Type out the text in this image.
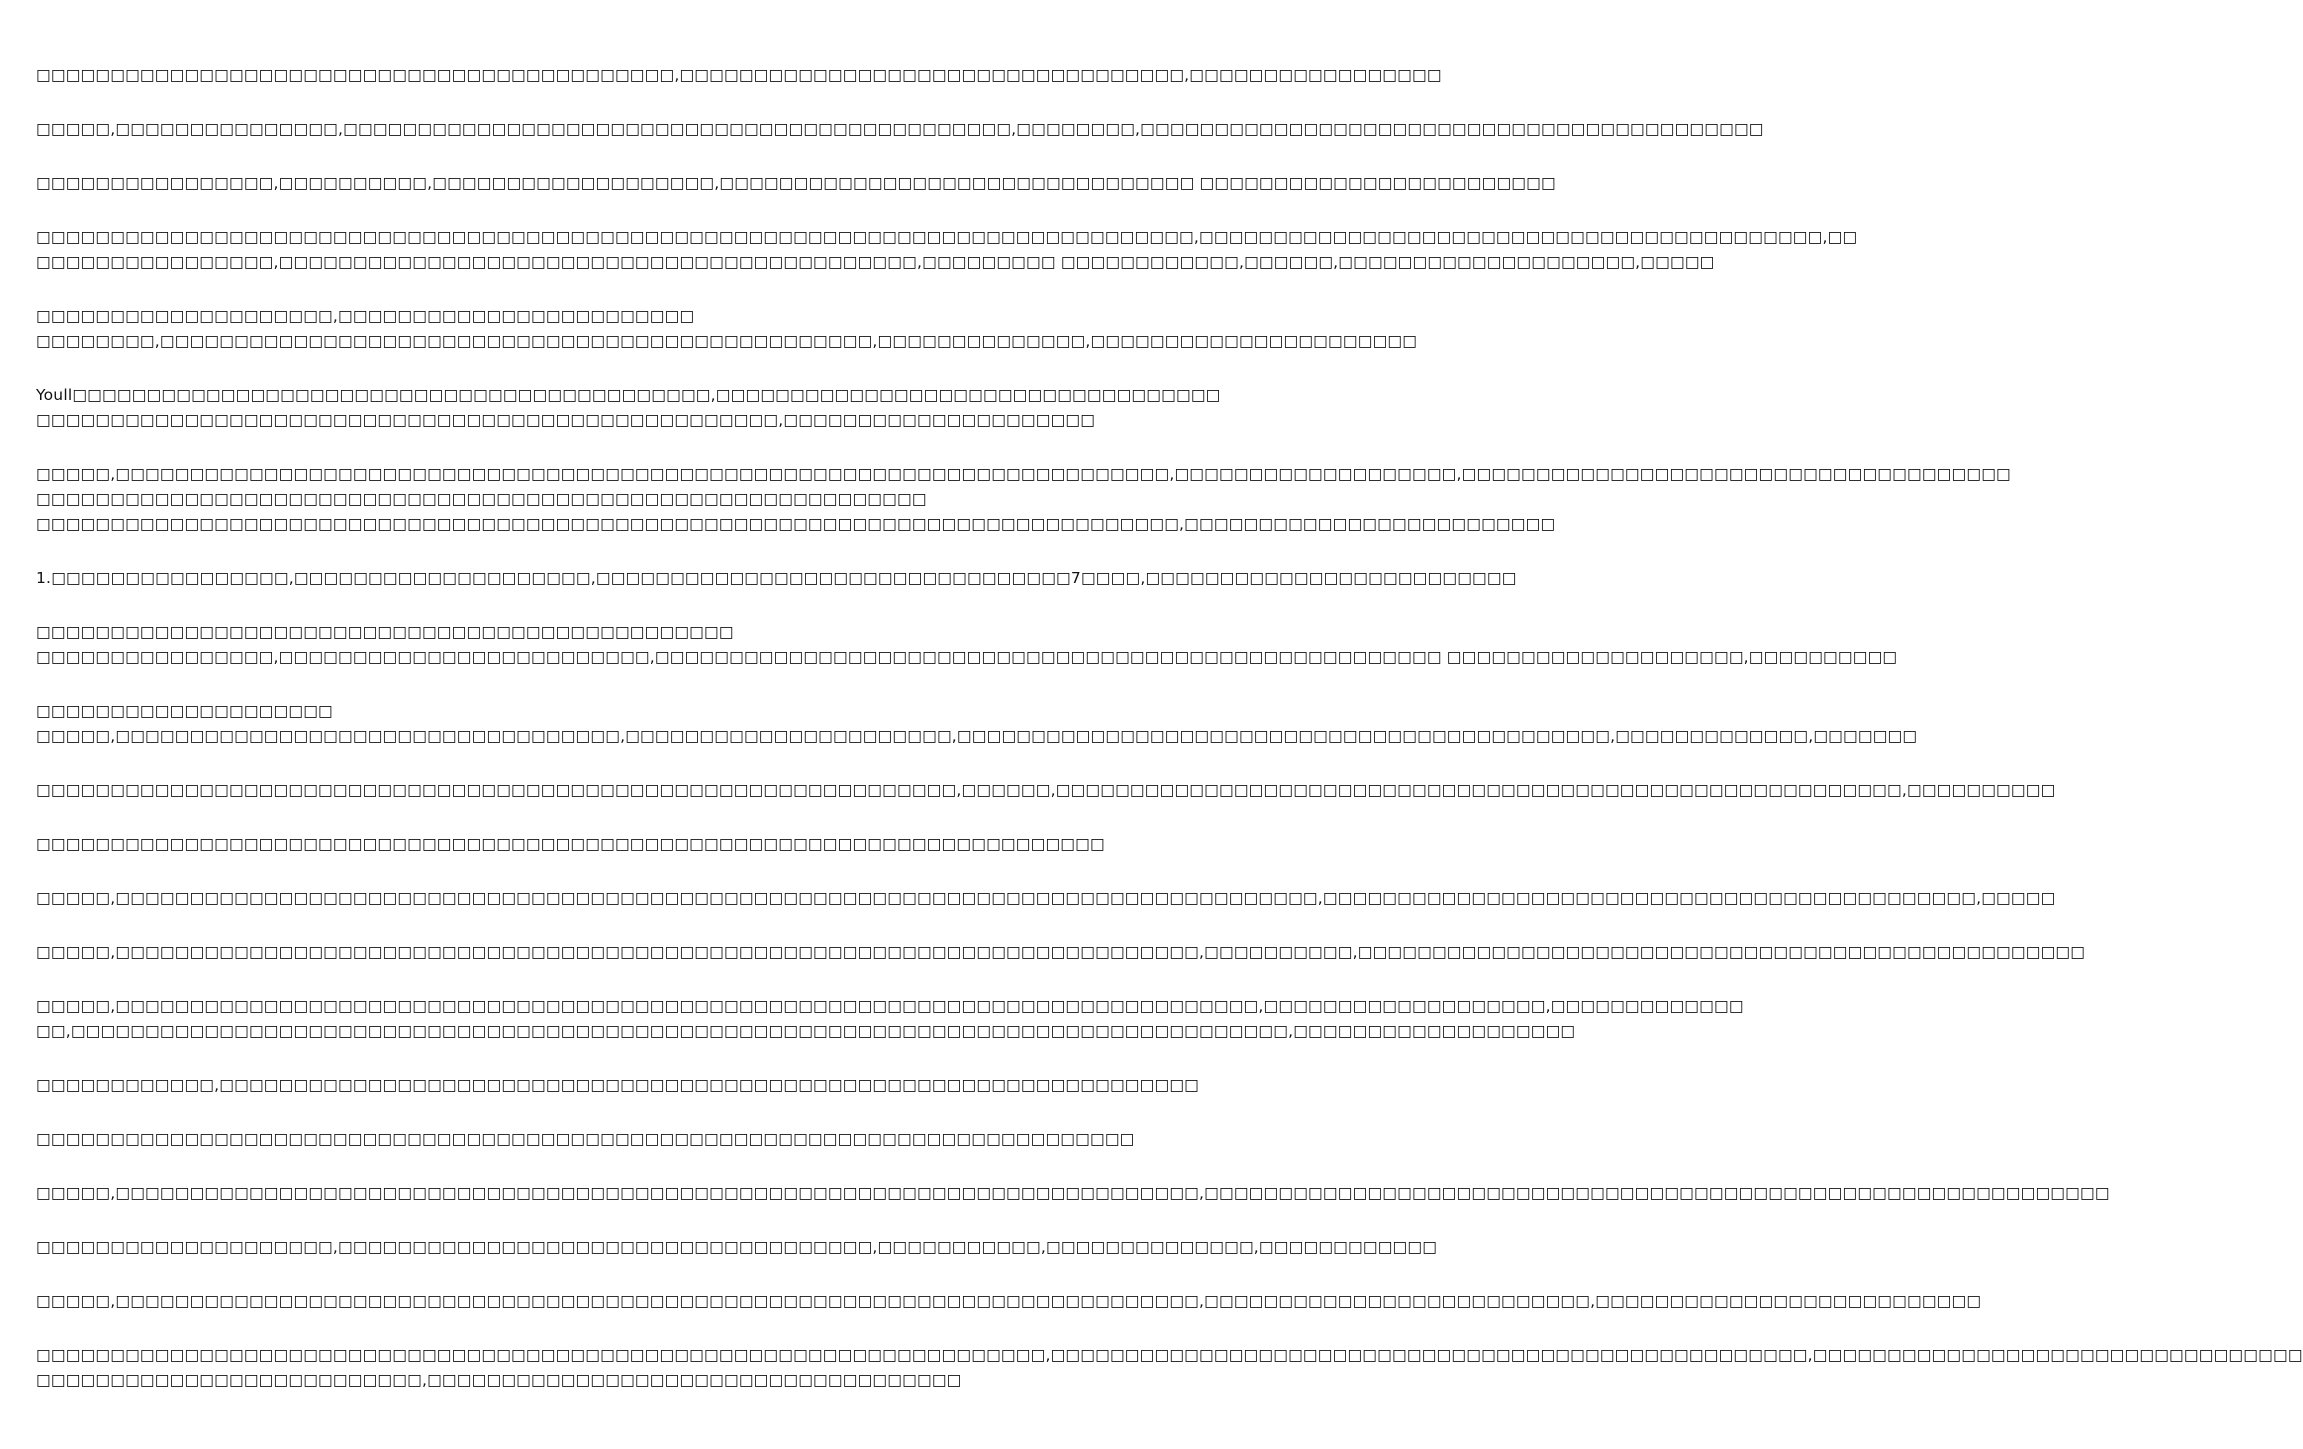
□□□□□□□□□□□□□□□□□□□□□□□□□□□□□□□□□□□□□□□□□□□,□□□□□□□□□□□□□□□□□□□□□□□□□□□□□□□□□□,□□□□□□□□□□□□□□□□□

□□□□□,□□□□□□□□□□□□□□□,□□□□□□□□□□□□□□□□□□□□□□□□□□□□□□□□□□□□□□□□□□□□□,□□□□□□□□,□□□□□□□□□□□□□□□□□□□□□□□□□□□□□□□□□□□□□□□□□□

□□□□□□□□□□□□□□□□,□□□□□□□□□□,□□□□□□□□□□□□□□□□□□□,□□□□□□□□□□□□□□□□□□□□□□□□□□□□□□□□ □□□□□□□□□□□□□□□□□□□□□□□□

□□□□□□□□□□□□□□□□□□□□□□□□□□□□□□□□□□□□□□□□□□□□□□□□□□□□□□□□□□□□□□□□□□□□□□□□□□□□□□,□□□□□□□□□□□□□□□□□□□□□□□□□□□□□□□□□□□□□□□□□□,□□
□□□□□□□□□□□□□□□□,□□□□□□□□□□□□□□□□□□□□□□□□□□□□□□□□□□□□□□□□□□□,□□□□□□□□□ □□□□□□□□□□□□,□□□□□□,□□□□□□□□□□□□□□□□□□□□,□□□□□

□□□□□□□□□□□□□□□□□□□□,□□□□□□□□□□□□□□□□□□□□□□□□
□□□□□□□□,□□□□□□□□□□□□□□□□□□□□□□□□□□□□□□□□□□□□□□□□□□□□□□□□,□□□□□□□□□□□□□□,□□□□□□□□□□□□□□□□□□□□□□

Youll□□□□□□□□□□□□□□□□□□□□□□□□□□□□□□□□□□□□□□□□□□□,□□□□□□□□□□□□□□□□□□□□□□□□□□□□□□□□□□
□□□□□□□□□□□□□□□□□□□□□□□□□□□□□□□□□□□□□□□□□□□□□□□□□□,□□□□□□□□□□□□□□□□□□□□□

□□□□□,□□□□□□□□□□□□□□□□□□□□□□□□□□□□□□□□□□□□□□□□□□□□□□□□□□□□□□□□□□□□□□□□□□□□□□□,□□□□□□□□□□□□□□□□□□□,□□□□□□□□□□□□□□□□□□□□□□□□□□□□□□□□□□□□□
□□□□□□□□□□□□□□□□□□□□□□□□□□□□□□□□□□□□□□□□□□□□□□□□□□□□□□□□□□□□
□□□□□□□□□□□□□□□□□□□□□□□□□□□□□□□□□□□□□□□□□□□□□□□□□□□□□□□□□□□□□□□□□□□□□□□□□□□□□,□□□□□□□□□□□□□□□□□□□□□□□□□

1.□□□□□□□□□□□□□□□□,□□□□□□□□□□□□□□□□□□□□,□□□□□□□□□□□□□□□□□□□□□□□□□□□□□□□□7□□□□,□□□□□□□□□□□□□□□□□□□□□□□□□

□□□□□□□□□□□□□□□□□□□□□□□□□□□□□□□□□□□□□□□□□□□□□□□
□□□□□□□□□□□□□□□□,□□□□□□□□□□□□□□□□□□□□□□□□□,□□□□□□□□□□□□□□□□□□□□□□□□□□□□□□□□□□□□□□□□□□□□□□□□□□□□□ □□□□□□□□□□□□□□□□□□□□,□□□□□□□□□□

□□□□□□□□□□□□□□□□□□□□
□□□□□,□□□□□□□□□□□□□□□□□□□□□□□□□□□□□□□□□□,□□□□□□□□□□□□□□□□□□□□□□,□□□□□□□□□□□□□□□□□□□□□□□□□□□□□□□□□□□□□□□□□□□□,□□□□□□□□□□□□□,□□□□□□□

□□□□□□□□□□□□□□□□□□□□□□□□□□□□□□□□□□□□□□□□□□□□□□□□□□□□□□□□□□□□□□,□□□□□□,□□□□□□□□□□□□□□□□□□□□□□□□□□□□□□□□□□□□□□□□□□□□□□□□□□□□□□□□□,□□□□□□□□□□

□□□□□□□□□□□□□□□□□□□□□□□□□□□□□□□□□□□□□□□□□□□□□□□□□□□□□□□□□□□□□□□□□□□□□□□□

□□□□□,□□□□□□□□□□□□□□□□□□□□□□□□□□□□□□□□□□□□□□□□□□□□□□□□□□□□□□□□□□□□□□□□□□□□□□□□□□□□□□□□□,□□□□□□□□□□□□□□□□□□□□□□□□□□□□□□□□□□□□□□□□□□□□,□□□□□

□□□□□,□□□□□□□□□□□□□□□□□□□□□□□□□□□□□□□□□□□□□□□□□□□□□□□□□□□□□□□□□□□□□□□□□□□□□□□□□,□□□□□□□□□□,□□□□□□□□□□□□□□□□□□□□□□□□□□□□□□□□□□□□□□□□□□□□□□□□□

□□□□□,□□□□□□□□□□□□□□□□□□□□□□□□□□□□□□□□□□□□□□□□□□□□□□□□□□□□□□□□□□□□□□□□□□□□□□□□□□□□□,□□□□□□□□□□□□□□□□□□□,□□□□□□□□□□□□□
□□,□□□□□□□□□□□□□□□□□□□□□□□□□□□□□□□□□□□□□□□□□□□□□□□□□□□□□□□□□□□□□□□□□□□□□□□□□□□□□□□□□□,□□□□□□□□□□□□□□□□□□□

□□□□□□□□□□□□,□□□□□□□□□□□□□□□□□□□□□□□□□□□□□□□□□□□□□□□□□□□□□□□□□□□□□□□□□□□□□□□□□□

□□□□□□□□□□□□□□□□□□□□□□□□□□□□□□□□□□□□□□□□□□□□□□□□□□□□□□□□□□□□□□□□□□□□□□□□□□

□□□□□,□□□□□□□□□□□□□□□□□□□□□□□□□□□□□□□□□□□□□□□□□□□□□□□□□□□□□□□□□□□□□□□□□□□□□□□□□,□□□□□□□□□□□□□□□□□□□□□□□□□□□□□□□□□□□□□□□□□□□□□□□□□□□□□□□□□□□□□

□□□□□□□□□□□□□□□□□□□□,□□□□□□□□□□□□□□□□□□□□□□□□□□□□□□□□□□□□,□□□□□□□□□□□,□□□□□□□□□□□□□□,□□□□□□□□□□□□

□□□□□,□□□□□□□□□□□□□□□□□□□□□□□□□□□□□□□□□□□□□□□□□□□□□□□□□□□□□□□□□□□□□□□□□□□□□□□□□,□□□□□□□□□□□□□□□□□□□□□□□□□□,□□□□□□□□□□□□□□□□□□□□□□□□□□

□□□□□□□□□□□□□□□□□□□□□□□□□□□□□□□□□□□□□□□□□□□□□□□□□□□□□□□□□□□□□□□□□□□□,□□□□□□□□□□□□□□□□□□□□□□□□□□□□□□□□□□□□□□□□□□□□□□□□□□□,□□□□□□□□□□□□□□□□□□□□□□□□□□□□□□□□□
□□□□□□□□□□□□□□□□□□□□□□□□□□,□□□□□□□□□□□□□□□□□□□□□□□□□□□□□□□□□□□□
